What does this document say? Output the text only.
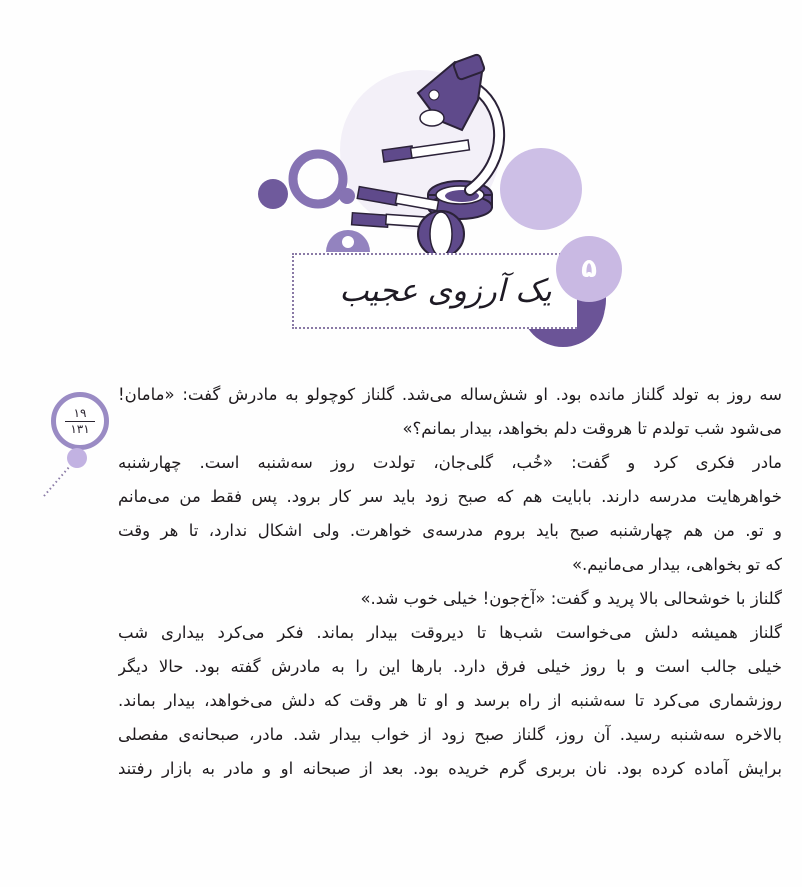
یک آرزوی عجیب
۵
۱۹
۱۳۱
سه روز به تولد گلناز مانده بود. او شش‌ساله می‌شد. گلناز کوچولو به مادرش گفت: «مامان!
می‌شود شب تولدم تا هروقت دلم بخواهد، بیدار بمانم؟»
مادر فکری کرد و گفت: «خُب، گلی‌جان، تولدت روز سه‌شنبه است. چهارشنبه
خواهرهایت مدرسه دارند. بابایت هم که صبح زود باید سر کار برود. پس فقط من می‌مانم
و تو. من هم چهارشنبه صبح باید بروم مدرسه‌ی خواهرت. ولی اشکال ندارد، تا هر وقت
که تو بخواهی، بیدار می‌مانیم.»
گلناز با خوشحالی بالا پرید و گفت: «آخ‌جون! خیلی خوب شد.»
گلناز همیشه دلش می‌خواست شب‌ها تا دیروقت بیدار بماند. فکر می‌کرد بیداری شب
خیلی جالب است و با روز خیلی فرق دارد. بارها این را به مادرش گفته بود. حالا دیگر
روزشماری می‌کرد تا سه‌شنبه از راه برسد و او تا هر وقت که دلش می‌خواهد، بیدار بماند.
بالاخره سه‌شنبه رسید. آن روز، گلناز صبح زود از خواب بیدار شد. مادر، صبحانه‌ی مفصلی
برایش آماده کرده بود. نان بربری گرم خریده بود. بعد از صبحانه او و مادر به بازار رفتند
